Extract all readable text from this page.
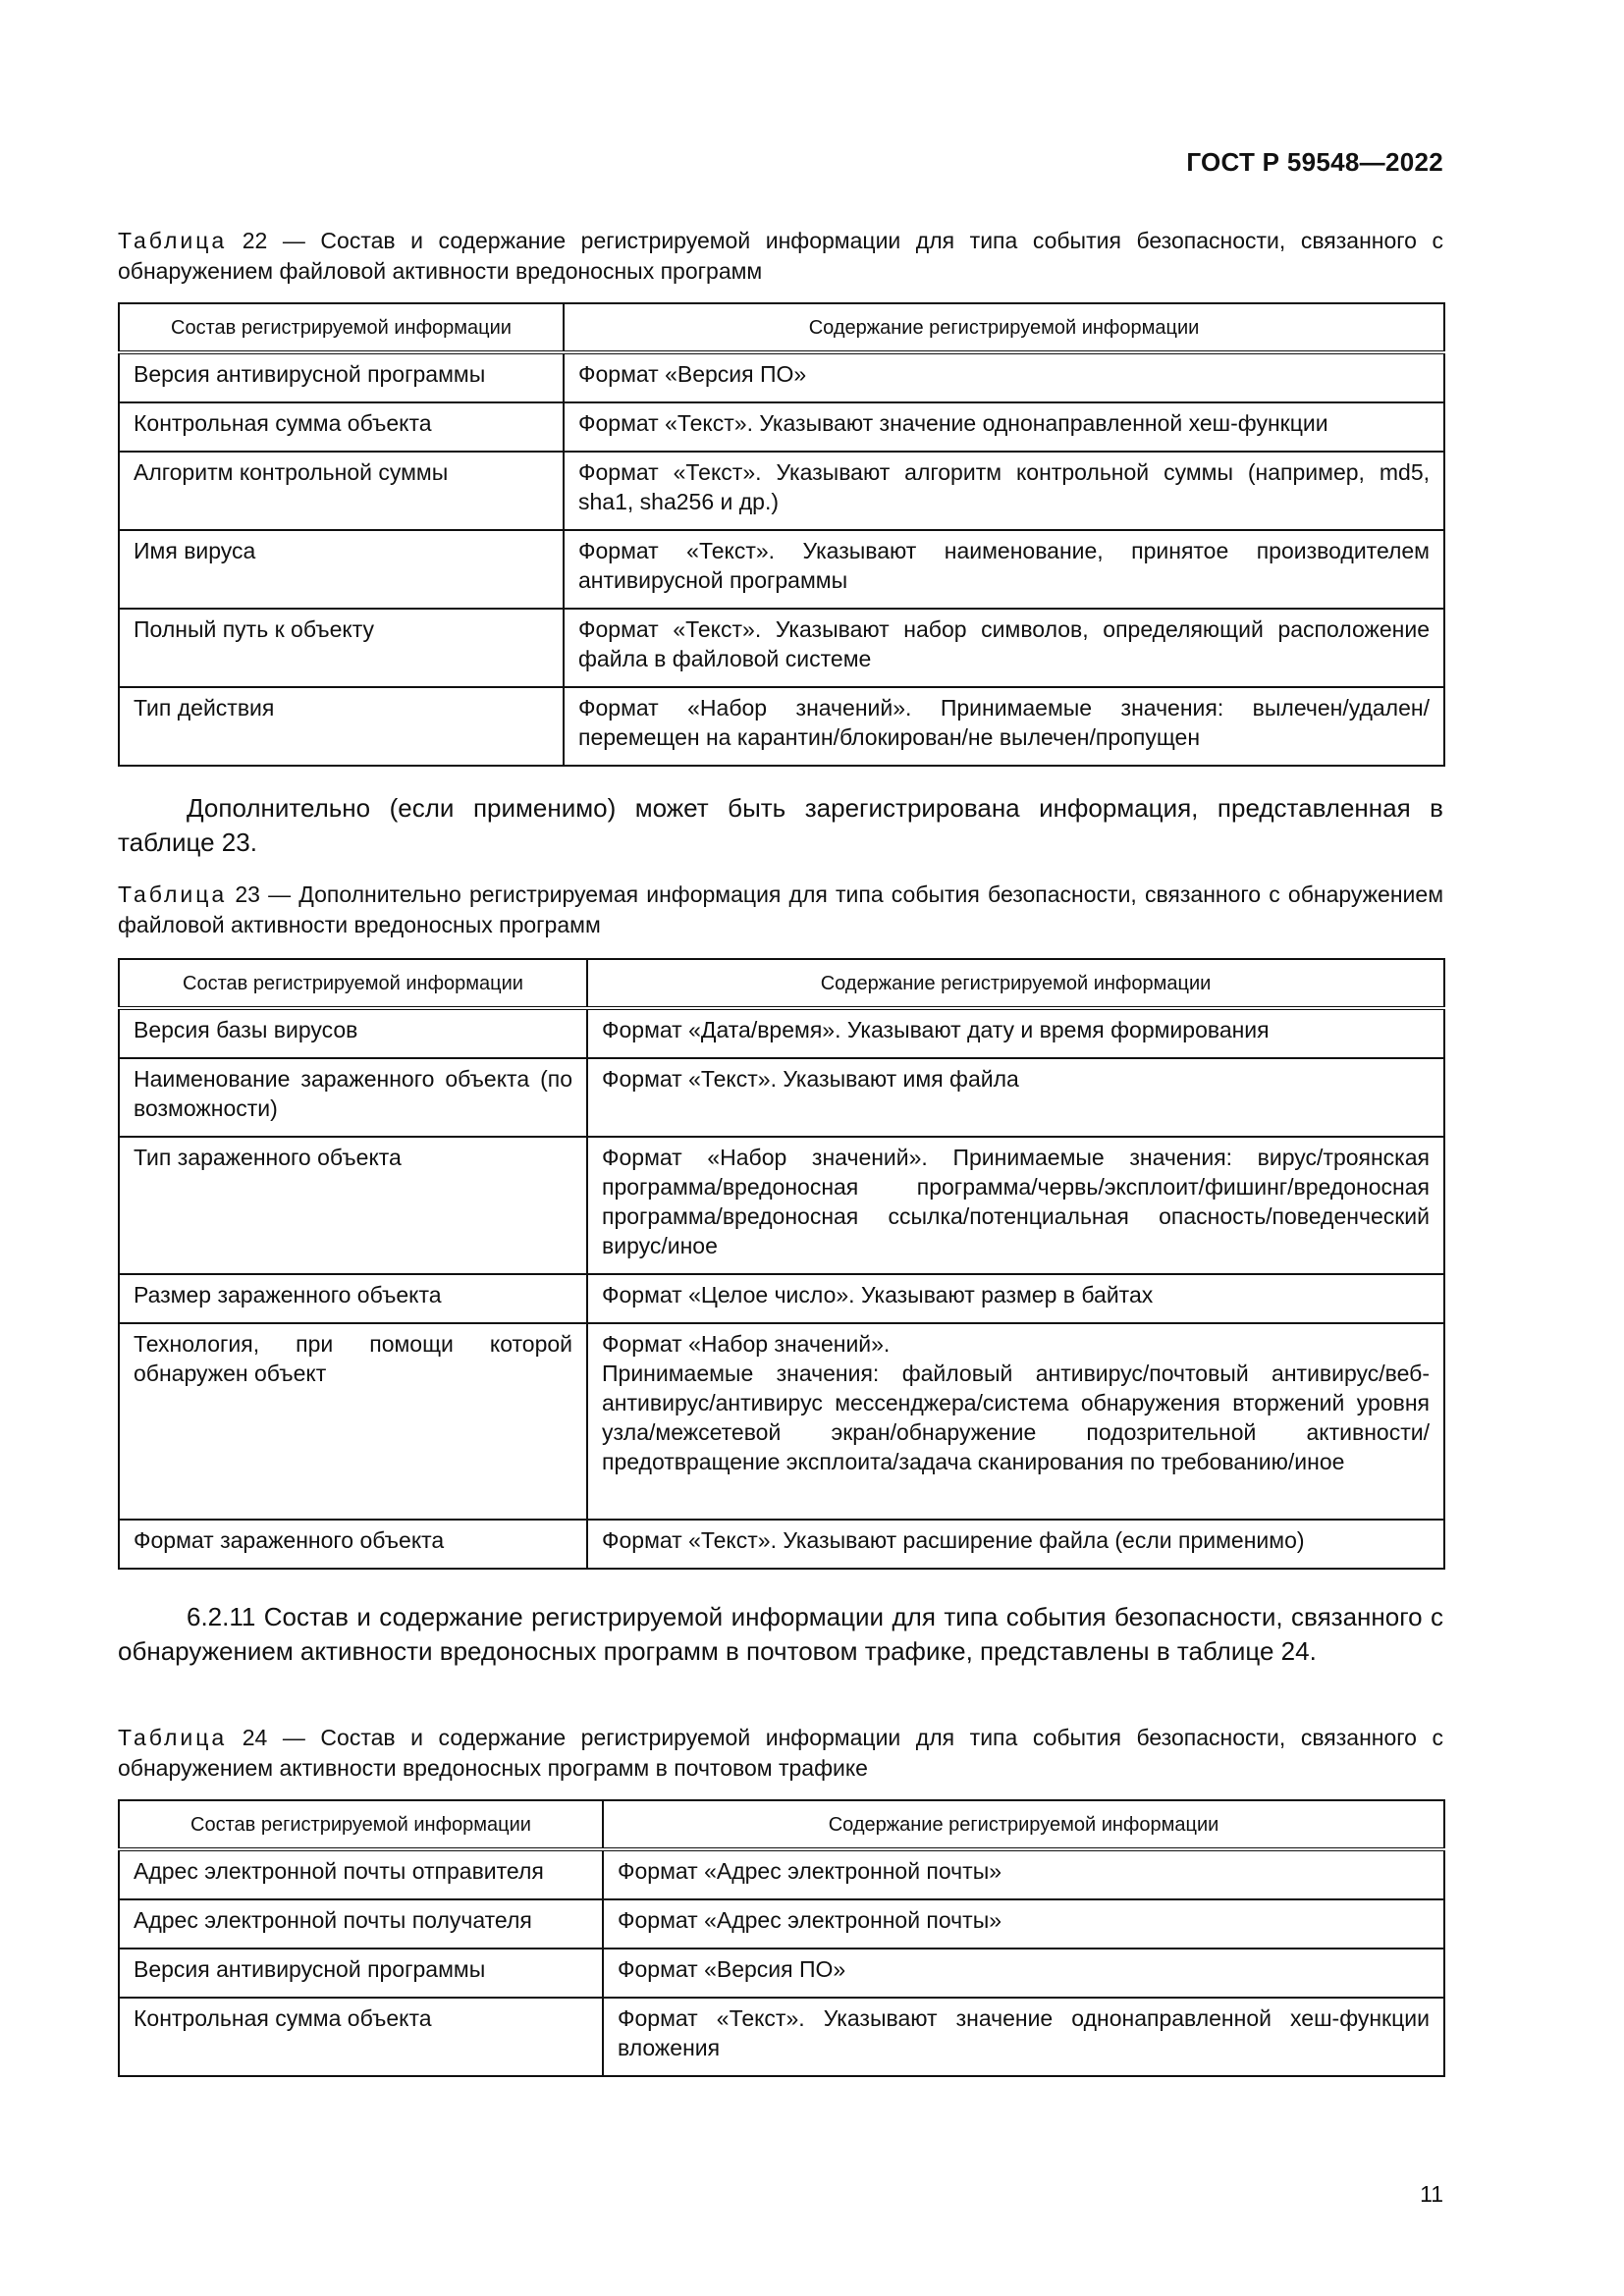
ГОСТ Р 59548—2022
Таблица 22 — Состав и содержание регистрируемой информации для типа события безопасности, связанного с обнаружением файловой активности вредоносных программ
Состав регистрируемой информации	Содержание регистрируемой информации
Версия антивирусной программы	Формат «Версия ПО»
Контрольная сумма объекта	Формат «Текст». Указывают значение однонаправленной хеш-функции
Алгоритм контрольной суммы	Формат «Текст». Указывают алгоритм контрольной суммы (например, md5, sha1, sha256 и др.)
Имя вируса	Формат «Текст». Указывают наименование, принятое производителем антивирусной программы
Полный путь к объекту	Формат «Текст». Указывают набор символов, определяющий расположение файла в файловой системе
Тип действия	Формат «Набор значений». Принимаемые значения: вылечен/удален/перемещен на карантин/блокирован/не вылечен/пропущен
Дополнительно (если применимо) может быть зарегистрирована информация, представленная в таблице 23.
Таблица 23 — Дополнительно регистрируемая информация для типа события безопасности, связанного с обнаружением файловой активности вредоносных программ
Состав регистрируемой информации	Содержание регистрируемой информации
Версия базы вирусов	Формат «Дата/время». Указывают дату и время формирования
Наименование зараженного объекта (по возможности)	Формат «Текст». Указывают имя файла
Тип зараженного объекта	Формат «Набор значений». Принимаемые значения: вирус/троянская программа/вредоносная программа/червь/эксплоит/фишинг/вредоносная программа/вредоносная ссылка/потенциальная опасность/поведенческий вирус/иное
Размер зараженного объекта	Формат «Целое число». Указывают размер в байтах
Технология, при помощи которой обнаружен объект	Формат «Набор значений».
Принимаемые значения: файловый антивирус/почтовый антивирус/веб-антивирус/антивирус мессенджера/система обнаружения вторжений уровня узла/межсетевой экран/обнаружение подозрительной активности/предотвращение эксплоита/задача сканирования по требованию/иное

Формат зараженного объекта	Формат «Текст». Указывают расширение файла (если применимо)
6.2.11 Состав и содержание регистрируемой информации для типа события безопасности, связанного с обнаружением активности вредоносных программ в почтовом трафике, представлены в таблице 24.
Таблица 24 — Состав и содержание регистрируемой информации для типа события безопасности, связанного с обнаружением активности вредоносных программ в почтовом трафике
Состав регистрируемой информации	Содержание регистрируемой информации
Адрес электронной почты отправителя	Формат «Адрес электронной почты»
Адрес электронной почты получателя	Формат «Адрес электронной почты»
Версия антивирусной программы	Формат «Версия ПО»
Контрольная сумма объекта	Формат «Текст». Указывают значение однонаправленной хеш-функции вложения
11
